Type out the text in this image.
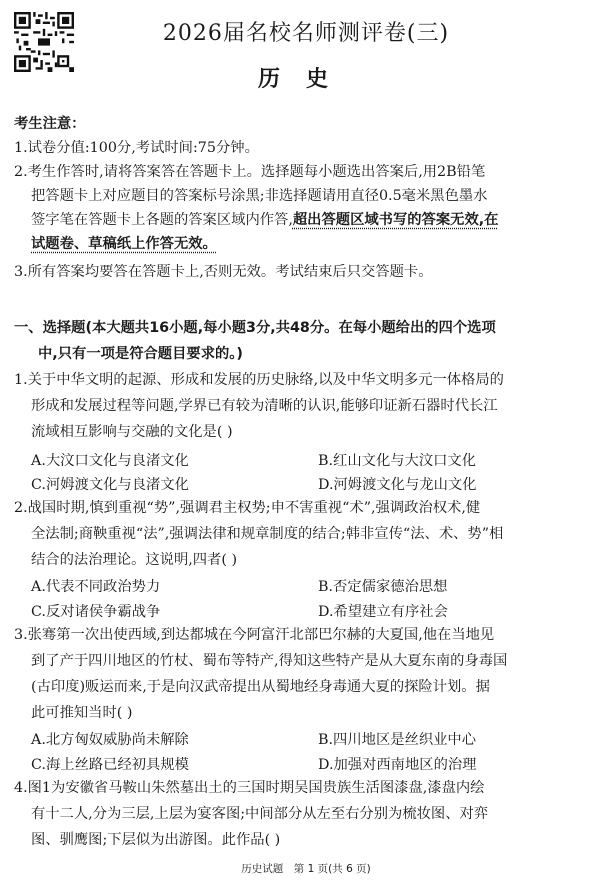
2026届名校名师测评卷(三)
历史
考生注意：
1.试卷分值:100分,考试时间:75分钟。
2.考生作答时,请将答案答在答题卡上。选择题每小题选出答案后,用2B铅笔
把答题卡上对应题目的答案标号涂黑;非选择题请用直径0.5毫米黑色墨水
签字笔在答题卡上各题的答案区域内作答,超出答题区域书写的答案无效,在
试题卷、草稿纸上作答无效。
3.所有答案均要答在答题卡上,否则无效。考试结束后只交答题卡。
一、选择题(本大题共16小题,每小题3分,共48分。在每小题给出的四个选项
中,只有一项是符合题目要求的。)
1.关于中华文明的起源、形成和发展的历史脉络,以及中华文明多元一体格局的
形成和发展过程等问题,学界已有较为清晰的认识,能够印证新石器时代长江
流域相互影响与交融的文化是( )
A.大汶口文化与良渚文化	B.红山文化与大汶口文化
C.河姆渡文化与良渚文化	D.河姆渡文化与龙山文化
2.战国时期,慎到重视“势”,强调君主权势;申不害重视“术”,强调政治权术,健
全法制;商鞅重视“法”,强调法律和规章制度的结合;韩非宣传“法、术、势”相
结合的法治理论。这说明,四者( )
A.代表不同政治势力	B.否定儒家德治思想
C.反对诸侯争霸战争	D.希望建立有序社会
3.张骞第一次出使西域,到达都城在今阿富汗北部巴尔赫的大夏国,他在当地见
到了产于四川地区的竹杖、蜀布等特产,得知这些特产是从大夏东南的身毒国
(古印度)贩运而来,于是向汉武帝提出从蜀地经身毒通大夏的探险计划。据
此可推知当时( )
A.北方匈奴威胁尚未解除	B.四川地区是丝织业中心
C.海上丝路已经初具规模	D.加强对西南地区的治理
4.图1为安徽省马鞍山朱然墓出土的三国时期吴国贵族生活图漆盘,漆盘内绘
有十二人,分为三层,上层为宴客图;中间部分从左至右分别为梳妆图、对弈
图、驯鹰图;下层似为出游图。此作品( )
历史试题　第 1 页(共 6 页)
